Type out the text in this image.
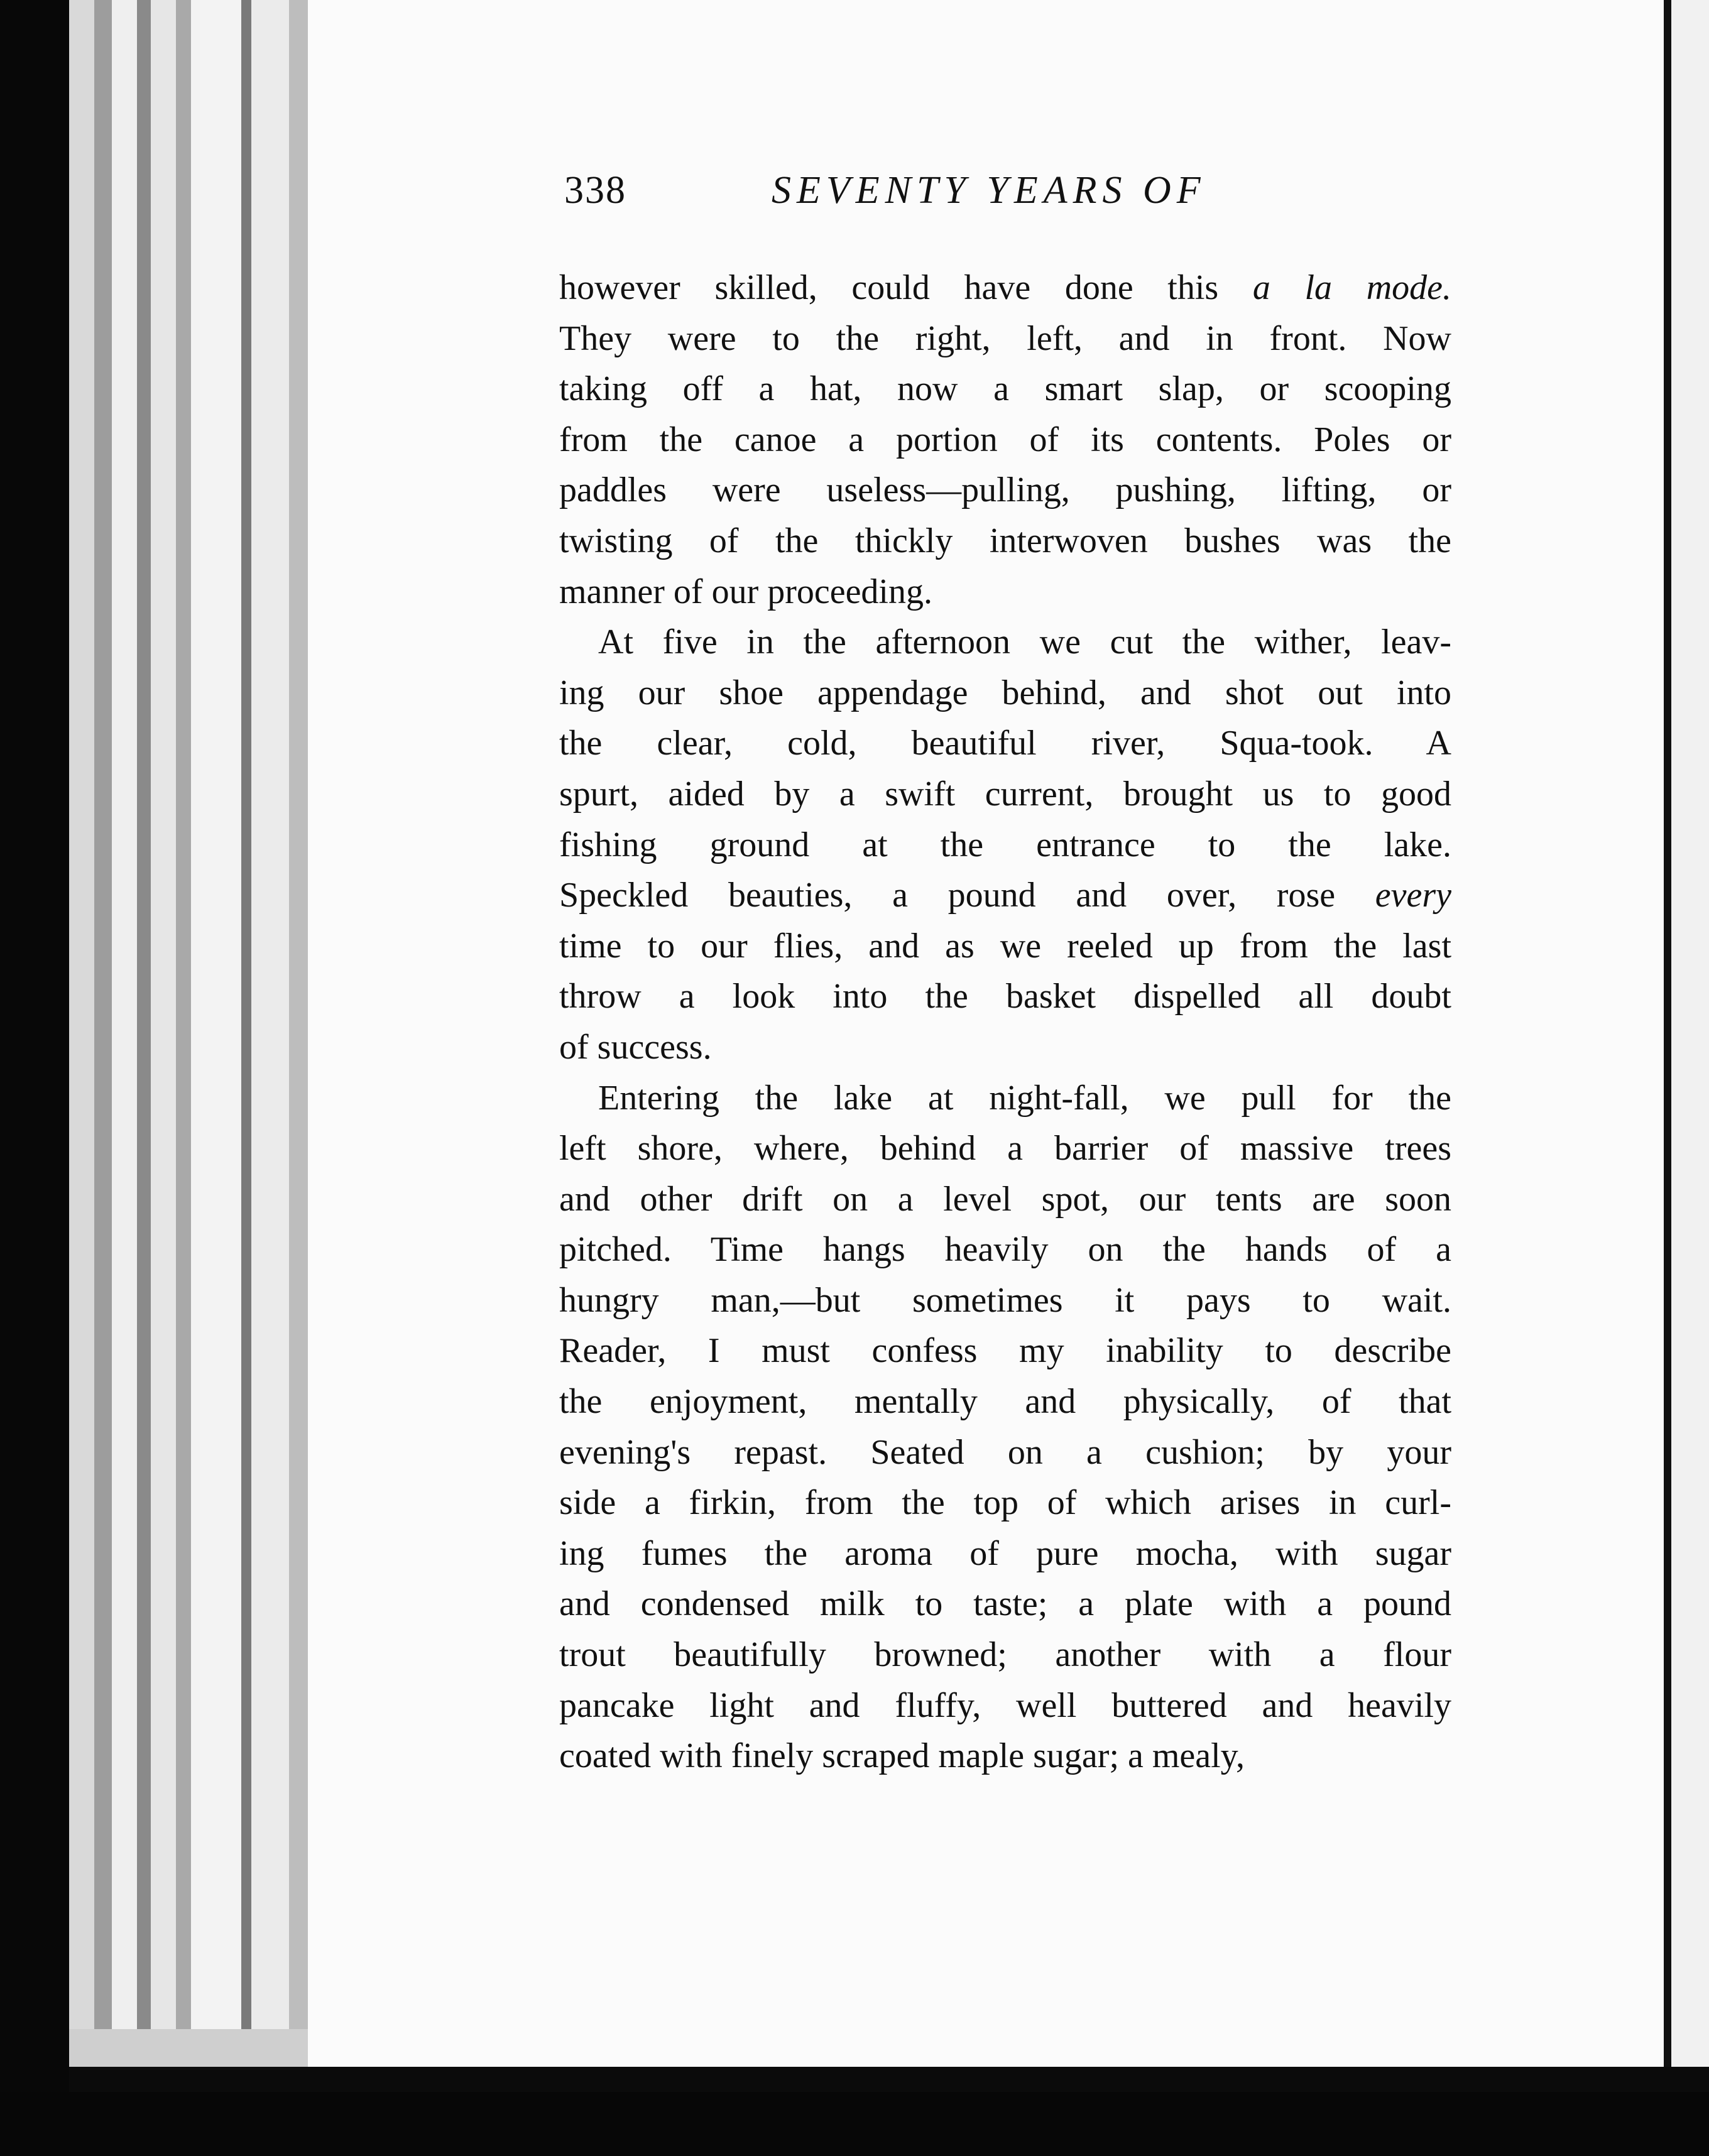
338	SEVENTY YEARS OF
however skilled, could have done this a la mode.
They were to the right, left, and in front. Now
taking off a hat, now a smart slap, or scooping
from the canoe a portion of its contents. Poles or
paddles were useless—pulling, pushing, lifting, or
twisting of the thickly interwoven bushes was the
manner of our proceeding.
At five in the afternoon we cut the wither, leav-
ing our shoe appendage behind, and shot out into
the clear, cold, beautiful river, Squa-took. A
spurt, aided by a swift current, brought us to good
fishing ground at the entrance to the lake.
Speckled beauties, a pound and over, rose every
time to our flies, and as we reeled up from the last
throw a look into the basket dispelled all doubt
of success.
Entering the lake at night-fall, we pull for the
left shore, where, behind a barrier of massive trees
and other drift on a level spot, our tents are soon
pitched. Time hangs heavily on the hands of a
hungry man,—but sometimes it pays to wait.
Reader, I must confess my inability to describe
the enjoyment, mentally and physically, of that
evening's repast. Seated on a cushion; by your
side a firkin, from the top of which arises in curl-
ing fumes the aroma of pure mocha, with sugar
and condensed milk to taste; a plate with a pound
trout beautifully browned; another with a flour
pancake light and fluffy, well buttered and heavily
coated with finely scraped maple sugar; a mealy,
